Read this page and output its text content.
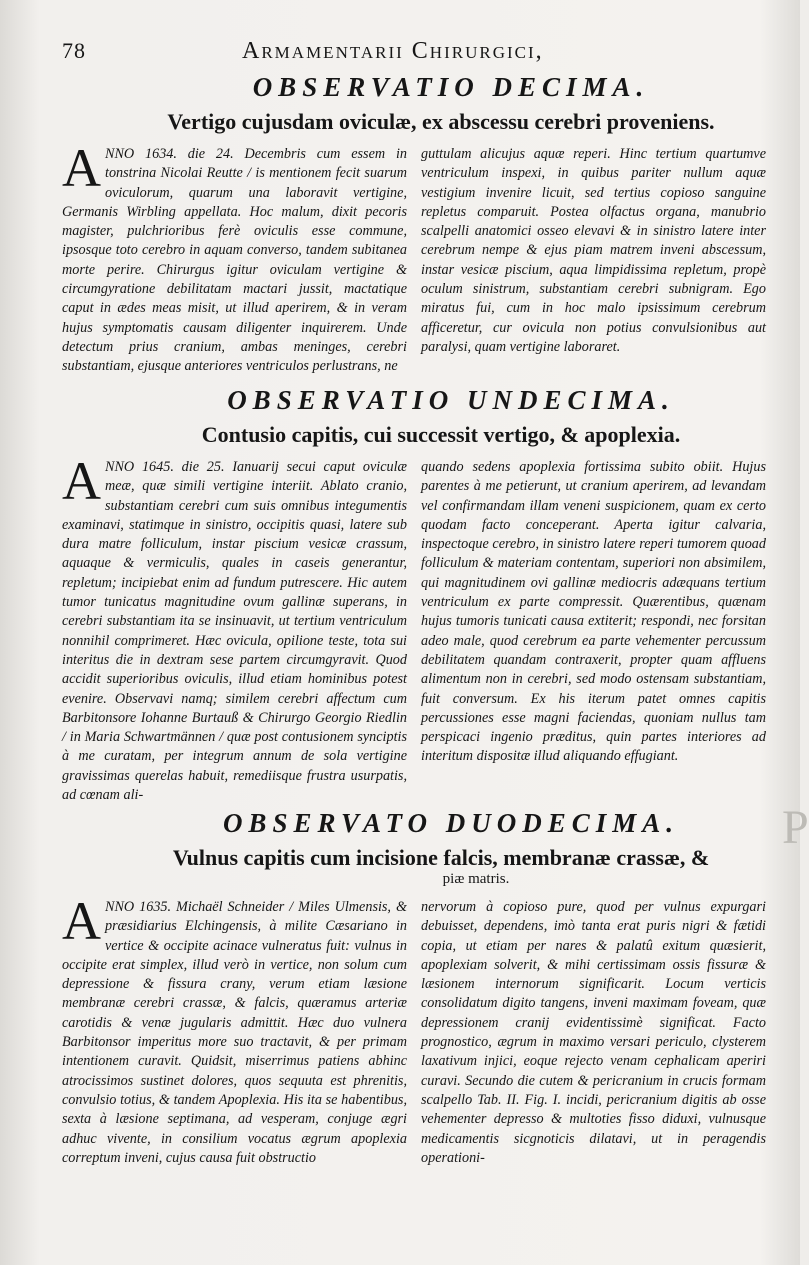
78	Armamentarii Chirurgici,
OBSERVATIO DECIMA.
Vertigo cujusdam oviculæ, ex abscessu cerebri proveniens.
A NNO 1634. die 24. Decembris cum essem in tonstrina Nicolai Reutte / is mentionem fecit suarum oviculorum, quarum una laboravit vertigine, Germanis Wirbling appellata. Hoc malum, dixit pecoris magister, pulchrioribus ferè oviculis esse commune, ipsosque toto cerebro in aquam converso, tandem subitanea morte perire. Chirurgus igitur oviculam vertigine & circumgyratione debilitatam mactari jussit, mactatique caput in ædes meas misit, ut illud aperirem, & in veram hujus symptomatis causam diligenter inquirerem. Unde detectum prius cranium, ambas meninges, cerebri substantiam, ejusque anteriores ventriculos perlustrans, ne

guttulam alicujus aquæ reperi. Hinc tertium quartumve ventriculum inspexi, in quibus pariter nullum aquæ vestigium invenire licuit, sed tertius copioso sanguine repletus comparuit. Postea olfactus organa, manubrio scalpelli anatomici osseo elevavi & in sinistro latere inter cerebrum nempe & ejus piam matrem inveni abscessum, instar vesicæ piscium, aqua limpidissima repletum, propè oculum sinistrum, substantiam cerebri subnigram. Ego miratus fui, cum in hoc malo ipsissimum cerebrum afficeretur, cur ovicula non potius convulsionibus aut paralysi, quam vertigine laboraret.

OBSERVATIO UNDECIMA.
Contusio capitis, cui successit vertigo, & apoplexia.
A NNO 1645. die 25. Ianuarij secui caput oviculæ meæ, quæ simili vertigine interiit. Ablato cranio, substantiam cerebri cum suis omnibus integumentis examinavi, statimque in sinistro, occipitis quasi, latere sub dura matre folliculum, instar piscium vesicæ crassum, aquaque & vermiculis, quales in caseis generantur, repletum; incipiebat enim ad fundum putrescere. Hic autem tumor tunicatus magnitudine ovum gallinæ superans, in cerebri substantiam ita se insinuavit, ut tertium ventriculum nonnihil comprimeret. Hæc ovicula, opilione teste, tota sui interitus die in dextram sese partem circumgyravit. Quod accidit superioribus oviculis, illud etiam hominibus potest evenire. Observavi namq; similem cerebri affectum cum Barbitonsore Iohanne Burtauß & Chirurgo Georgio Riedlin / in Maria Schwartmännen / quæ post contusionem synciptis à me curatam, per integrum annum de sola vertigine gravissimas querelas habuit, remediisque frustra usurpatis, ad cœnam ali-

quando sedens apoplexia fortissima subito obiit. Hujus parentes à me petierunt, ut cranium aperirem, ad levandam vel confirmandam illam veneni suspicionem, quam ex certo quodam facto conceperant. Aperta igitur calvaria, inspectoque cerebro, in sinistro latere reperi tumorem quoad folliculum & materiam contentam, superiori non absimilem, qui magnitudinem ovi gallinæ mediocris adæquans tertium ventriculum ex parte compressit. Quærentibus, quænam hujus tumoris tunicati causa extiterit; respondi, nec forsitan adeo male, quod cerebrum ea parte vehementer percussum debilitatem quandam contraxerit, propter quam affluens alimentum non in cerebri, sed modo ostensam substantiam, fuit conversum. Ex his iterum patet omnes capitis percussiones esse magni faciendas, quoniam nullus tam perspicaci ingenio præditus, quin partes interiores ad interitum dispositæ illud aliquando effugiant.

OBSERVATO DUODECIMA.
Vulnus capitis cum incisione falcis, membranæ crassæ, &

piæ matris.

A NNO 1635. Michaël Schneider / Miles Ulmensis, & præsidiarius Elchingensis, à milite Cæsariano in vertice & occipite acinace vulneratus fuit: vulnus in occipite erat simplex, illud verò in vertice, non solum cum depressione & fissura crany, verum etiam læsione membranæ cerebri crassæ, & falcis, quæramus arteriæ carotidis & venæ jugularis admittit. Hæc duo vulnera Barbitonsor imperitus more suo tractavit, & per primam intentionem curavit. Quidsit, miserrimus patiens abhinc atrocissimos sustinet dolores, quos sequuta est phrenitis, convulsio totius, & tandem Apoplexia. His ita se habentibus, sexta à læsione septimana, ad vesperam, conjuge ægri adhuc vivente, in consilium vocatus ægrum apoplexia correptum inveni, cujus causa fuit obstructio

nervorum à copioso pure, quod per vulnus expurgari debuisset, dependens, imò tanta erat puris nigri & fætidi copia, ut etiam per nares & palatû exitum quæsierit, apoplexiam solverit, & mihi certissimam ossis fissuræ & læsionem internorum significarit. Locum verticis consolidatum digito tangens, inveni maximam foveam, quæ depressionem cranij evidentissimè significat. Facto prognostico, ægrum in maximo versari periculo, clysterem laxativum injici, eoque rejecto venam cephalicam aperiri curavi. Secundo die cutem & pericranium in crucis formam scalpello Tab. II. Fig. I. incidi, pericranium digitis ab osse vehementer depresso & multoties fisso diduxi, vulnusque medicamentis sicgnoticis dilatavi, ut in peragendis operationi-

P
